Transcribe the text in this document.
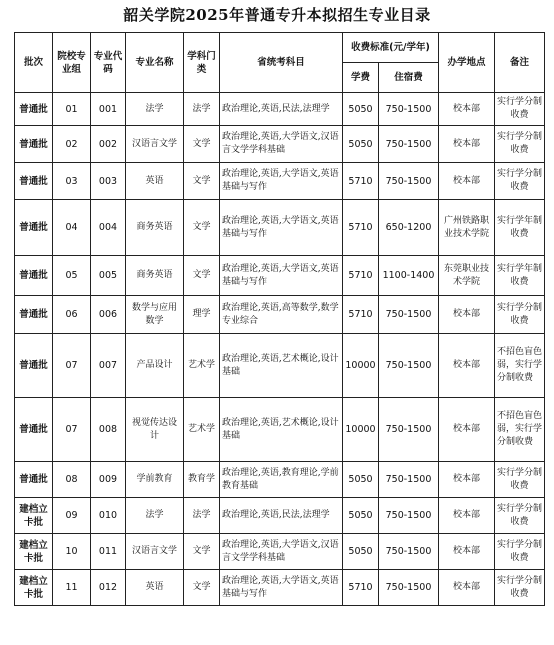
韶关学院2025年普通专升本拟招生专业目录
批次	院校专业组	专业代码	专业名称	学科门类	省统考科目	收费标准(元/学年)		办学地点	备注
						学费	住宿费		
普通批	01	001	法学	法学	政治理论,英语,民法,法理学	5050	750-1500	校本部	实行学分制收费
普通批	02	002	汉语言文学	文学	政治理论,英语,大学语文,汉语言文学学科基础	5050	750-1500	校本部	实行学分制收费
普通批	03	003	英语	文学	政治理论,英语,大学语文,英语基础与写作	5710	750-1500	校本部	实行学分制收费
普通批	04	004	商务英语	文学	政治理论,英语,大学语文,英语基础与写作	5710	650-1200	广州铁路职业技术学院	实行学年制收费
普通批	05	005	商务英语	文学	政治理论,英语,大学语文,英语基础与写作	5710	1100-1400	东莞职业技术学院	实行学年制收费
普通批	06	006	数学与应用数学	理学	政治理论,英语,高等数学,数学专业综合	5710	750-1500	校本部	实行学分制收费
普通批	07	007	产品设计	艺术学	政治理论,英语,艺术概论,设计基础	10000	750-1500	校本部	不招色盲色弱，实行学分制收费
普通批	07	008	视觉传达设计	艺术学	政治理论,英语,艺术概论,设计基础	10000	750-1500	校本部	不招色盲色弱，实行学分制收费
普通批	08	009	学前教育	教育学	政治理论,英语,教育理论,学前教育基础	5050	750-1500	校本部	实行学分制收费
建档立卡批	09	010	法学	法学	政治理论,英语,民法,法理学	5050	750-1500	校本部	实行学分制收费
建档立卡批	10	011	汉语言文学	文学	政治理论,英语,大学语文,汉语言文学学科基础	5050	750-1500	校本部	实行学分制收费
建档立卡批	11	012	英语	文学	政治理论,英语,大学语文,英语基础与写作	5710	750-1500	校本部	实行学分制收费
